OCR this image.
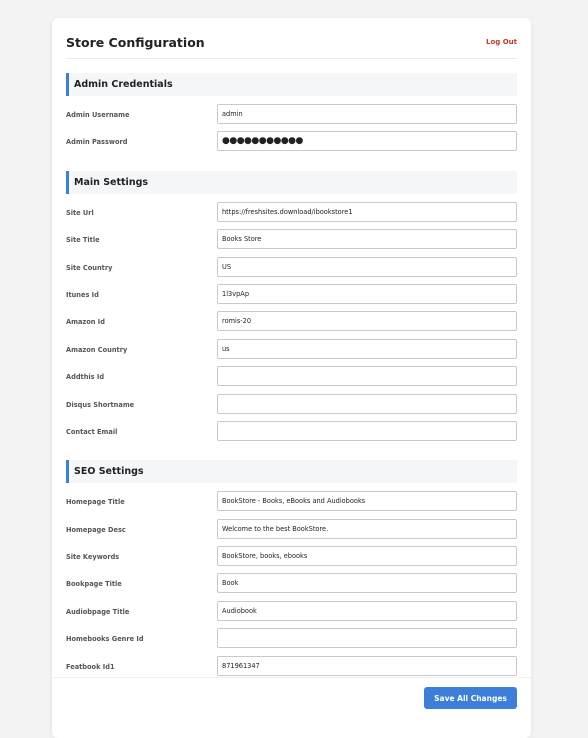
Store Configuration	Log Out
Admin Credentials
Admin Username
admin
Admin Password
●●●●●●●●●●●
Main Settings
Site Url
https://freshsites.download/ibookstore1
Site Title
Books Store
Site Country
US
Itunes Id
1l3vpAp
Amazon Id
romis-20
Amazon Country
us
Addthis Id
Disqus Shortname
Contact Email
SEO Settings
Homepage Title
BookStore - Books, eBooks and Audiobooks
Homepage Desc
Welcome to the best BookStore.
Site Keywords
BookStore, books, ebooks
Bookpage Title
Book
Audiobpage Title
Audiobook
Homebooks Genre Id
Featbook Id1
871961347
Save All Changes
